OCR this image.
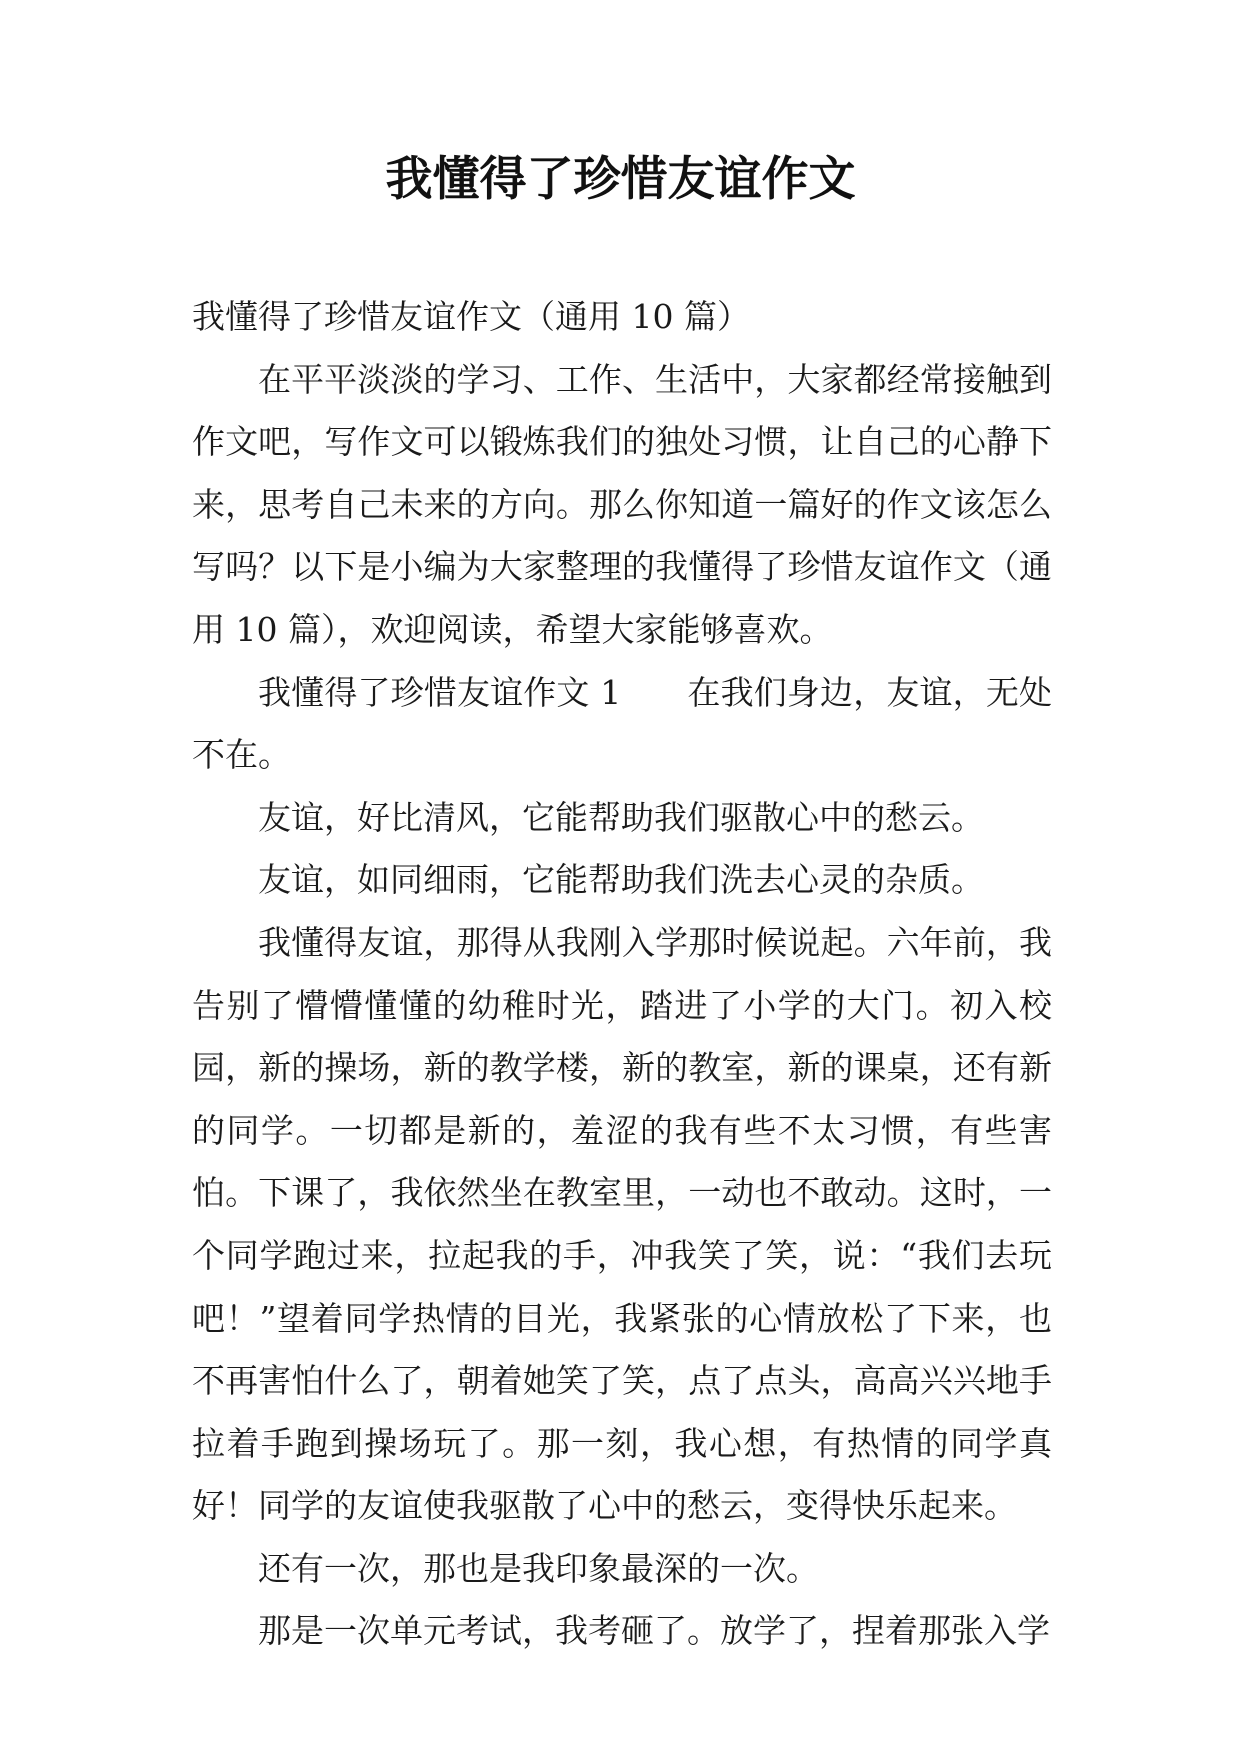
我懂得了珍惜友谊作文

我懂得了珍惜友谊作文（通用 10 篇）

在平平淡淡的学习、工作、生活中，大家都经常接触到作文吧，写作文可以锻炼我们的独处习惯，让自己的心静下来，思考自己未来的方向。那么你知道一篇好的作文该怎么写吗？以下是小编为大家整理的我懂得了珍惜友谊作文（通用 10 篇），欢迎阅读，希望大家能够喜欢。

我懂得了珍惜友谊作文 1 在我们身边，友谊，无处不在。

友谊，好比清风，它能帮助我们驱散心中的愁云。

友谊，如同细雨，它能帮助我们洗去心灵的杂质。

我懂得友谊，那得从我刚入学那时候说起。六年前，我告别了懵懵懂懂的幼稚时光，踏进了小学的大门。初入校园，新的操场，新的教学楼，新的教室，新的课桌，还有新的同学。一切都是新的，羞涩的我有些不太习惯，有些害怕。下课了，我依然坐在教室里，一动也不敢动。这时，一个同学跑过来，拉起我的手，冲我笑了笑，说：“我们去玩吧！”望着同学热情的目光，我紧张的心情放松了下来，也不再害怕什么了，朝着她笑了笑，点了点头，高高兴兴地手拉着手跑到操场玩了。那一刻，我心想，有热情的同学真好！同学的友谊使我驱散了心中的愁云，变得快乐起来。

还有一次，那也是我印象最深的一次。

那是一次单元考试，我考砸了。放学了，捏着那张入学
